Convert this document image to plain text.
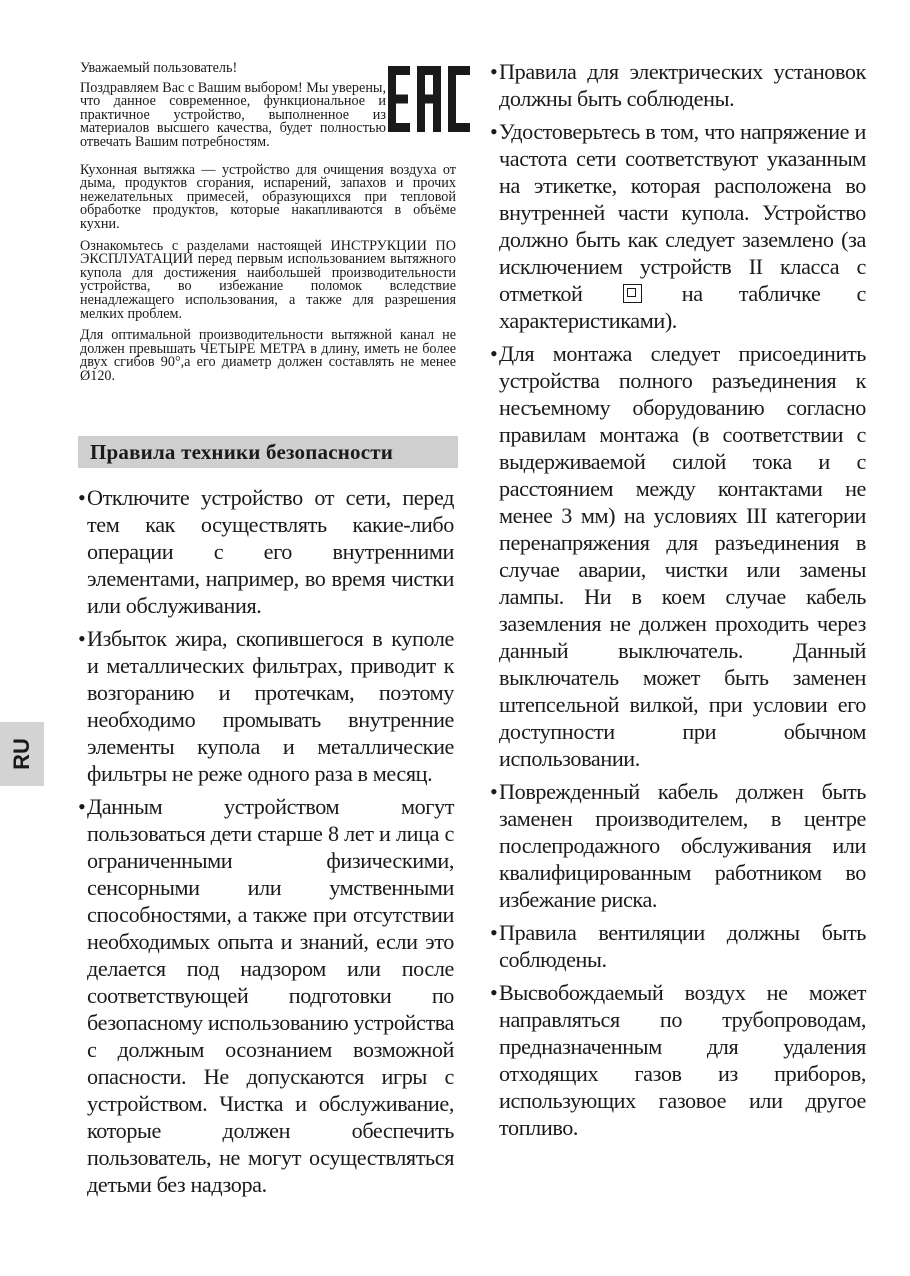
RU

Уважаемый пользователь!

Поздравляем Вас с Вашим выбором! Мы уверены, что данное современное, функциональное и практичное устройство, выполненное из материалов высшего качества, будет полностью отвечать Вашим потребностям.

Кухонная вытяжка — устройство для очищения воздуха от дыма, продуктов сгорания, испарений, запахов и прочих нежелательных примесей, образующихся при тепловой обработке продуктов, которые накапливаются в объёме кухни.

Ознакомьтесь с разделами настоящей ИНСТРУКЦИИ ПО ЭКСПЛУАТАЦИИ перед первым использованием вытяжного купола для достижения наибольшей производительности устройства, во избежание поломок вследствие ненадлежащего использования, а также для разрешения мелких проблем.

Для оптимальной производительности вытяжной канал не должен превышать ЧЕТЫРЕ МЕТРА в длину, иметь не более двух сгибов 90°,а его диаметр должен составлять не менее Ø120.

Правила техники безопасности
• Отключите устройство от сети, перед тем как осуществлять какие-либо операции с его внутренними элементами, например, во время чистки или обслуживания.
• Избыток жира, скопившегося в куполе и металлических фильтрах, приводит к возгоранию и протечкам, поэтому необходимо промывать внутренние элементы купола и металлические фильтры не реже одного раза в месяц.
• Данным устройством могут пользоваться дети старше 8 лет и лица с ограниченными физическими, сенсорными или умственными способностями, а также при отсутствии необходимых опыта и знаний, если это делается под надзором или после соответствующей подготовки по безопасному использованию устройства с должным осознанием возможной опасности. Не допускаются игры с устройством. Чистка и обслуживание, которые должен обеспечить пользователь, не могут осуществляться детьми без надзора.
• Правила для электрических установок должны быть соблюдены.
• Удостоверьтесь в том, что напряжение и частота сети соответствуют указанным на этикетке, которая расположена во внутренней части купола. Устройство должно быть как следует заземлено (за исключением устройств II класса с отметкой	на табличке с характеристиками).
• Для монтажа следует присоединить устройства полного разъединения к несъемному оборудованию согласно правилам монтажа (в соответствии с выдерживаемой силой тока и с расстоянием между контактами не менее 3 мм) на условиях III категории перенапряжения для разъединения в случае аварии, чистки или замены лампы. Ни в коем случае кабель заземления не должен проходить через данный выключатель. Данный выключатель может быть заменен штепсельной вилкой, при условии его доступности при обычном использовании.
• Поврежденный кабель должен быть заменен производителем, в центре послепродажного обслуживания или квалифицированным работником во избежание риска.
• Правила вентиляции должны быть соблюдены.
• Высвобождаемый воздух не может направляться по трубопроводам, предназначенным для удаления отходящих газов из приборов, использующих газовое или другое топливо.
